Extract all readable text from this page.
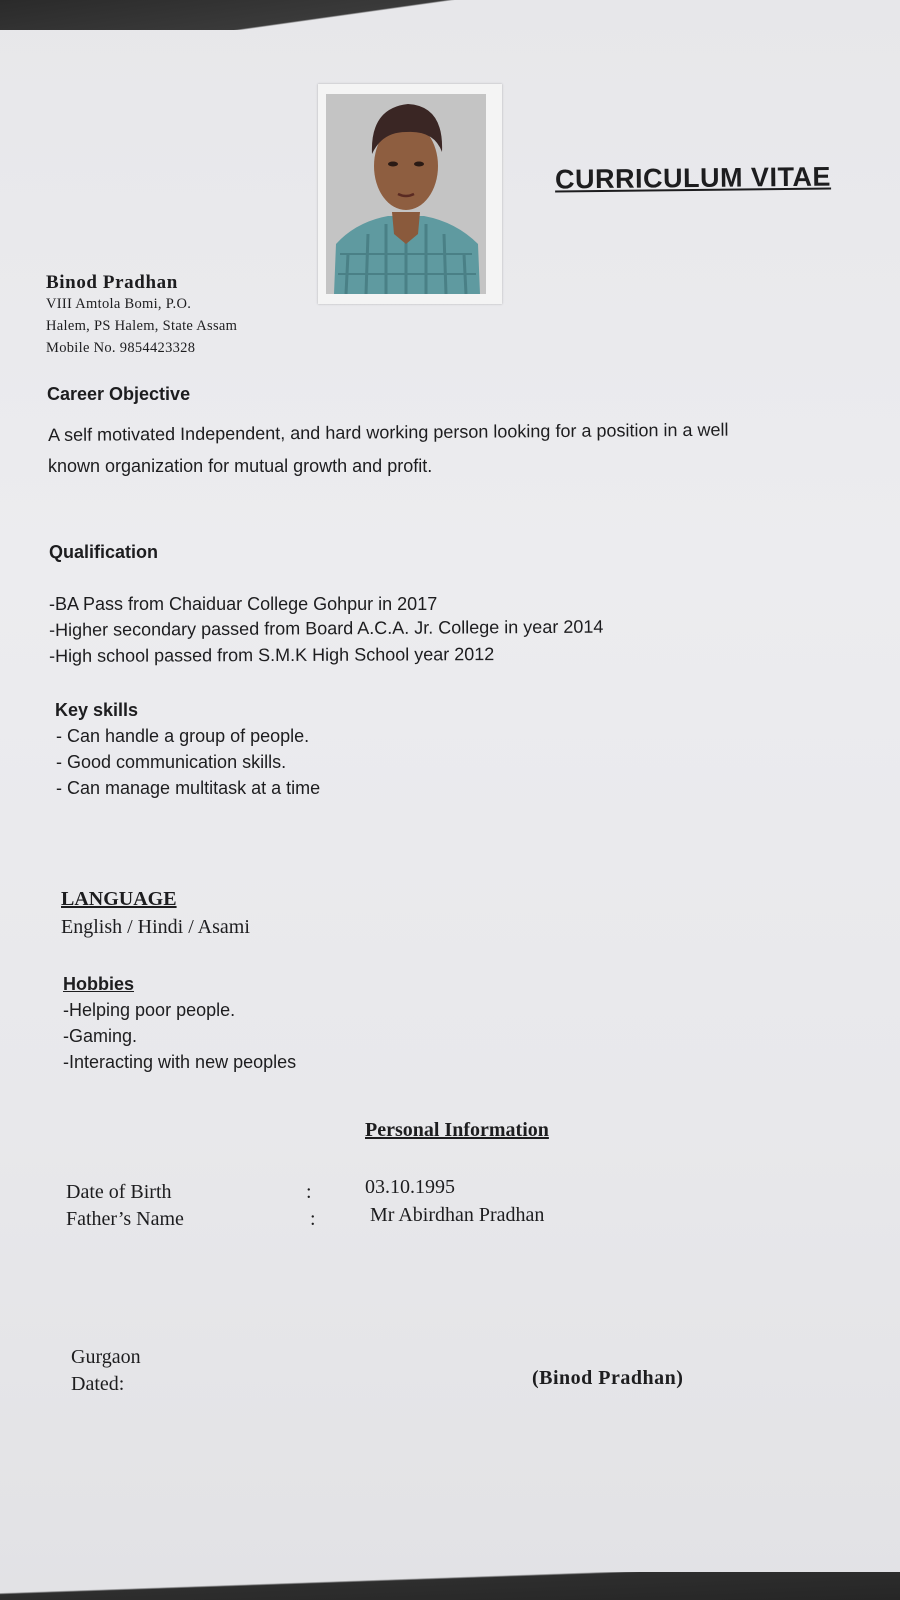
CURRICULUM VITAE
Binod Pradhan
VIII Amtola Bomi, P.O.
Halem, PS Halem, State Assam
Mobile No. 9854423328
Career Objective
A self motivated Independent, and hard working person looking for a position in a well
known organization for mutual growth and profit.
Qualification
-BA Pass from Chaiduar College Gohpur in 2017
-Higher secondary passed from Board A.C.A. Jr. College in year 2014
-High school passed from S.M.K High School year 2012
Key skills
- Can handle a group of people.
- Good communication skills.
- Can manage multitask at a time
LANGUAGE
English / Hindi / Asami
Hobbies
-Helping poor people.
-Gaming.
-Interacting with new peoples
Personal Information
Date of Birth	:	03.10.1995
Father’s Name	:	Mr Abirdhan Pradhan
Gurgaon
Dated:	(Binod Pradhan)
